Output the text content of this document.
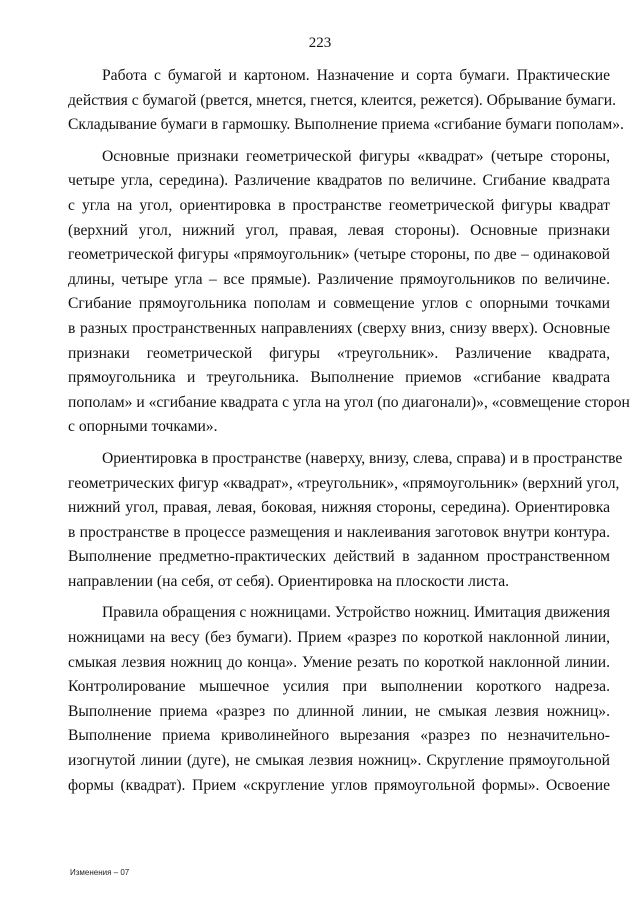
223

Работа с бумагой и картоном. Назначение и сорта бумаги. Практические
действия с бумагой (рвется, мнется, гнется, клеится, режется). Обрывание бумаги.
Складывание бумаги в гармошку. Выполнение приема «сгибание бумаги пополам».

Основные признаки геометрической фигуры «квадрат» (четыре стороны,
четыре угла, середина). Различение квадратов по величине. Сгибание квадрата
с угла на угол, ориентировка в пространстве геометрической фигуры квадрат
(верхний угол, нижний угол, правая, левая стороны). Основные признаки
геометрической фигуры «прямоугольник» (четыре стороны, по две – одинаковой
длины, четыре угла – все прямые). Различение прямоугольников по величине.
Сгибание прямоугольника пополам и совмещение углов с опорными точками
в разных пространственных направлениях (сверху вниз, снизу вверх). Основные
признаки геометрической фигуры «треугольник». Различение квадрата,
прямоугольника и треугольника. Выполнение приемов «сгибание квадрата
пополам» и «сгибание квадрата с угла на угол (по диагонали)», «совмещение сторон
с опорными точками».

Ориентировка в пространстве (наверху, внизу, слева, справа) и в пространстве
геометрических фигур «квадрат», «треугольник», «прямоугольник» (верхний угол,
нижний угол, правая, левая, боковая, нижняя стороны, середина). Ориентировка
в пространстве в процессе размещения и наклеивания заготовок внутри контура.
Выполнение предметно-практических действий в заданном пространственном
направлении (на себя, от себя). Ориентировка на плоскости листа.

Правила обращения с ножницами. Устройство ножниц. Имитация движения
ножницами на весу (без бумаги). Прием «разрез по короткой наклонной линии,
смыкая лезвия ножниц до конца». Умение резать по короткой наклонной линии.
Контролирование мышечное усилия при выполнении короткого надреза.
Выполнение приема «разрез по длинной линии, не смыкая лезвия ножниц».
Выполнение приема криволинейного вырезания «разрез по незначительно-
изогнутой линии (дуге), не смыкая лезвия ножниц». Скругление прямоугольной
формы (квадрат). Прием «скругление углов прямоугольной формы». Освоение

Изменения – 07
